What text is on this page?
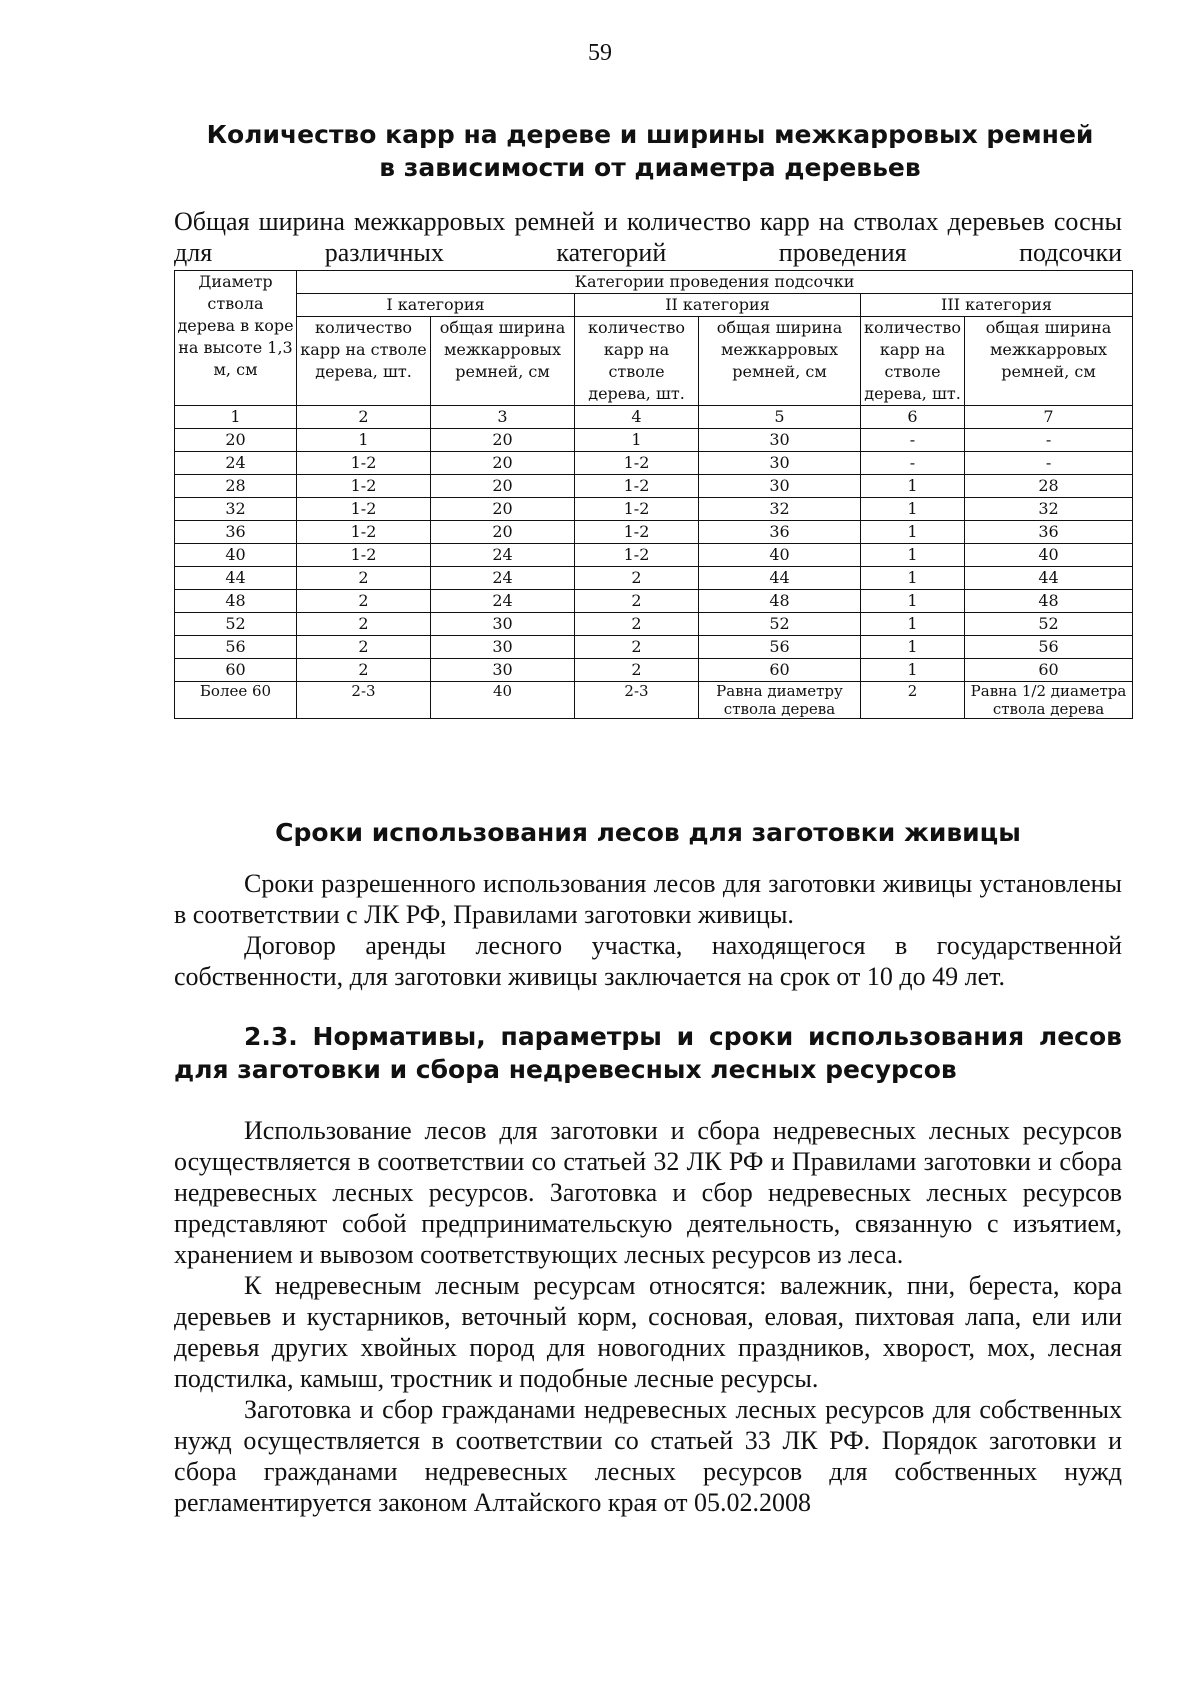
59
Количество карр на дереве и ширины межкарровых ремней
в зависимости от диаметра деревьев
Общая ширина межкарровых ремней и количество карр на стволах деревьев сосны для различных категорий проведения подсочки
Диаметр ствола дерева в коре на высоте 1,3 м, см	Категории проведения подсочки					
	I категория		II категория		III категория	
	количество карр на стволе дерева, шт.	общая ширина межкарровых ремней, см	количество карр на стволе дерева, шт.	общая ширина межкарровых ремней, см	количество карр на стволе дерева, шт.	общая ширина межкарровых ремней, см
1	2	3	4	5	6	7
20	1	20	1	30	-	-
24	1-2	20	1-2	30	-	-
28	1-2	20	1-2	30	1	28
32	1-2	20	1-2	32	1	32
36	1-2	20	1-2	36	1	36
40	1-2	24	1-2	40	1	40
44	2	24	2	44	1	44
48	2	24	2	48	1	48
52	2	30	2	52	1	52
56	2	30	2	56	1	56
60	2	30	2	60	1	60
Более 60	2-3	40	2-3	Равна диаметру ствола дерева	2	Равна 1/2 диаметра ствола дерева
Сроки использования лесов для заготовки живицы

Сроки разрешенного использования лесов для заготовки живицы установлены в соответствии с ЛК РФ, Правилами заготовки живицы.

Договор аренды лесного участка, находящегося в государственной собственности, для заготовки живицы заключается на срок от 10 до 49 лет.

2.3. Нормативы, параметры и сроки использования лесов для заготовки и сбора недревесных лесных ресурсов

Использование лесов для заготовки и сбора недревесных лесных ресурсов осуществляется в соответствии со статьей 32 ЛК РФ и Правилами заготовки и сбора недревесных лесных ресурсов. Заготовка и сбор недревесных лесных ресурсов представляют собой предпринимательскую деятельность, связанную с изъятием, хранением и вывозом соответствующих лесных ресурсов из леса.

К недревесным лесным ресурсам относятся: валежник, пни, береста, кора деревьев и кустарников, веточный корм, сосновая, еловая, пихтовая лапа, ели или деревья других хвойных пород для новогодних праздников, хворост, мох, лесная подстилка, камыш, тростник и подобные лесные ресурсы.

Заготовка и сбор гражданами недревесных лесных ресурсов для собственных нужд осуществляется в соответствии со статьей 33 ЛК РФ. Порядок заготовки и сбора гражданами недревесных лесных ресурсов для собственных нужд регламентируется законом Алтайского края от 05.02.2008
